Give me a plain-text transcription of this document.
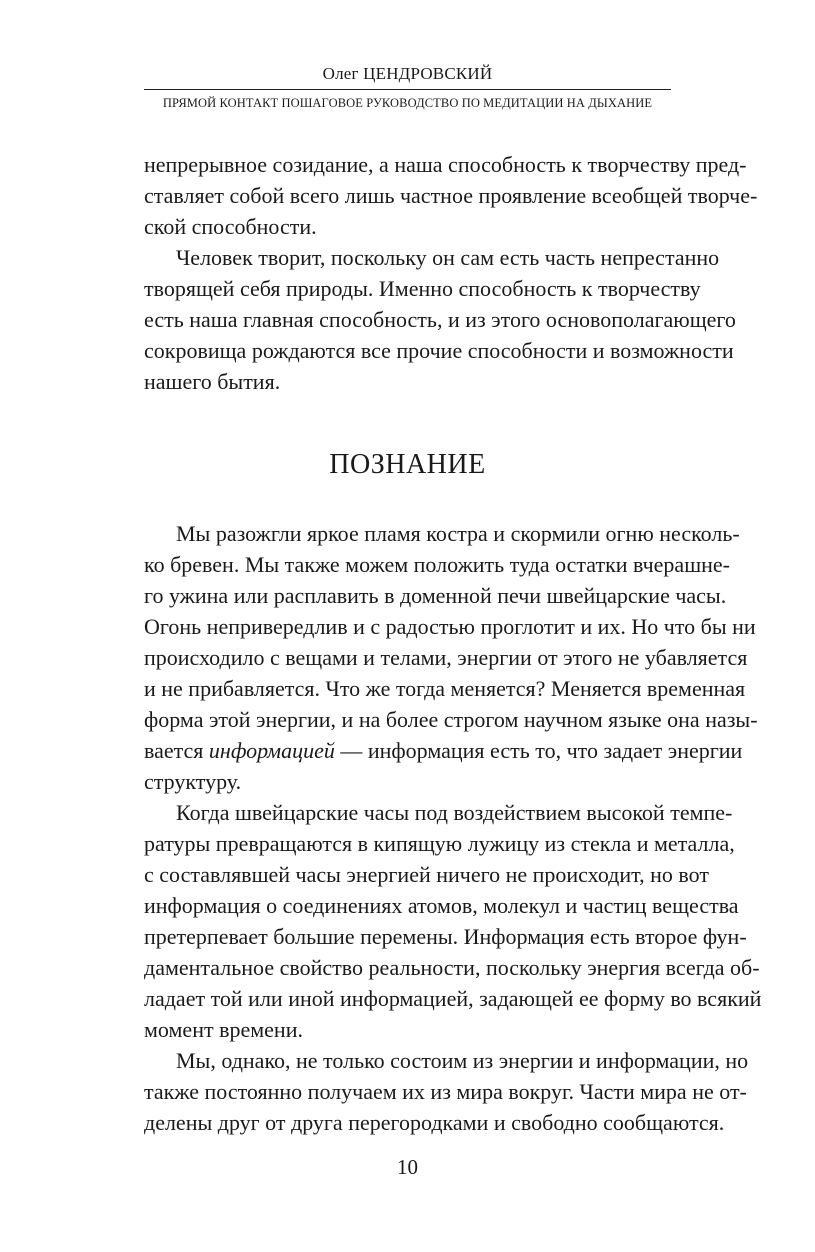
Олег ЦЕНДРОВСКИЙ
ПРЯМОЙ КОНТАКТ ПОШАГОВОЕ РУКОВОДСТВО ПО МЕДИТАЦИИ НА ДЫХАНИЕ
непрерывное созидание, а наша способность к творчеству пред-
ставляет собой всего лишь частное проявление всеобщей творче-
ской способности.
Человек творит, поскольку он сам есть часть непрестанно
творящей себя природы. Именно способность к творчеству
есть наша главная способность, и из этого основополагающего
сокровища рождаются все прочие способности и возможности
нашего бытия.
ПОЗНАНИЕ
Мы разожгли яркое пламя костра и скормили огню несколь-
ко бревен. Мы также можем положить туда остатки вчерашне-
го ужина или расплавить в доменной печи швейцарские часы.
Огонь непривередлив и с радостью проглотит и их. Но что бы ни
происходило с вещами и телами, энергии от этого не убавляется
и не прибавляется. Что же тогда меняется? Меняется временная
форма этой энергии, и на более строгом научном языке она назы-
вается информацией — информация есть то, что задает энергии
структуру.
Когда швейцарские часы под воздействием высокой темпе-
ратуры превращаются в кипящую лужицу из стекла и металла,
с составлявшей часы энергией ничего не происходит, но вот
информация о соединениях атомов, молекул и частиц вещества
претерпевает большие перемены. Информация есть второе фун-
даментальное свойство реальности, поскольку энергия всегда об-
ладает той или иной информацией, задающей ее форму во всякий
момент времени.
Мы, однако, не только состоим из энергии и информации, но
также постоянно получаем их из мира вокруг. Части мира не от-
делены друг от друга перегородками и свободно сообщаются.
10
